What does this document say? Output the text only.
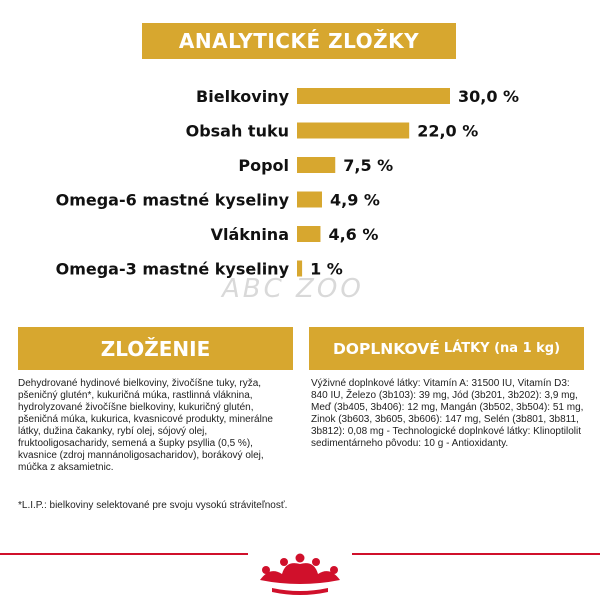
ANALYTICKÉ ZLOŽKY
Bielkoviny	30,0 %
Obsah tuku	22,0 %
Popol	7,5 %
Omega-6 mastné kyseliny	4,9 %
Vláknina 4,6 %
Omega-3 mastné kyseliny 1 %
ABC ZOO
ZLOŽENIE	DOPLNKOVÉ LÁTKY (na 1 kg)
Dehydrované hydinové bielkoviny, živočíšne tuky, ryža, pšeničný glutén*, kukuričná múka, rastlinná vláknina, hydrolyzované živočíšne bielkoviny, kukuričný glutén, pšeničná múka, kukurica, kvasnicové produkty, minerálne látky, dužina čakanky, rybí olej, sójový olej, fruktooligosacharidy, semená a šupky psyllia (0,5 %), kvasnice (zdroj mannánoligosacharidov), borákový olej, múčka z aksamietnic.
*L.I.P.: bielkoviny selektované pre svoju vysokú stráviteľnosť.
Výživné doplnkové látky: Vitamín A: 31500 IU, Vitamín D3: 840 IU, Železo (3b103): 39 mg, Jód (3b201, 3b202): 3,9 mg, Meď (3b405, 3b406): 12 mg, Mangán (3b502, 3b504): 51 mg, Zinok (3b603, 3b605, 3b606): 147 mg, Selén (3b801, 3b811, 3b812): 0,08 mg - Technologické doplnkové látky: Klinoptilolit sedimentárneho pôvodu: 10 g - Antioxidanty.
